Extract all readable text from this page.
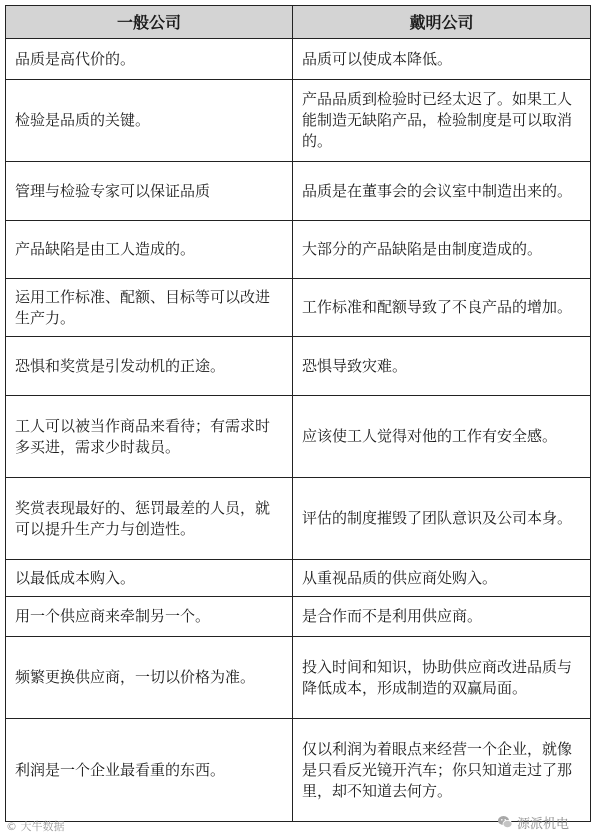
一般公司	戴明公司
品质是高代价的。	品质可以使成本降低。
检验是品质的关键。	产品品质到检验时已经太迟了。如果工人能制造无缺陷产品，检验制度是可以取消的。
管理与检验专家可以保证品质	品质是在董事会的会议室中制造出来的。
产品缺陷是由工人造成的。	大部分的产品缺陷是由制度造成的。
运用工作标准、配额、目标等可以改进生产力。	工作标准和配额导致了不良产品的增加。
恐惧和奖赏是引发动机的正途。	恐惧导致灾难。
工人可以被当作商品来看待；有需求时多买进，需求少时裁员。	应该使工人觉得对他的工作有安全感。
奖赏表现最好的、惩罚最差的人员，就可以提升生产力与创造性。	评估的制度摧毁了团队意识及公司本身。
以最低成本购入。	从重视品质的供应商处购入。
用一个供应商来牵制另一个。	是合作而不是利用供应商。
频繁更换供应商，一切以价格为准。	投入时间和知识，协助供应商改进品质与降低成本，形成制造的双赢局面。
利润是一个企业最看重的东西。	仅以利润为着眼点来经营一个企业，就像是只看反光镜开汽车；你只知道走过了那里，却不知道去何方。
© 大牛数据	源派机电
